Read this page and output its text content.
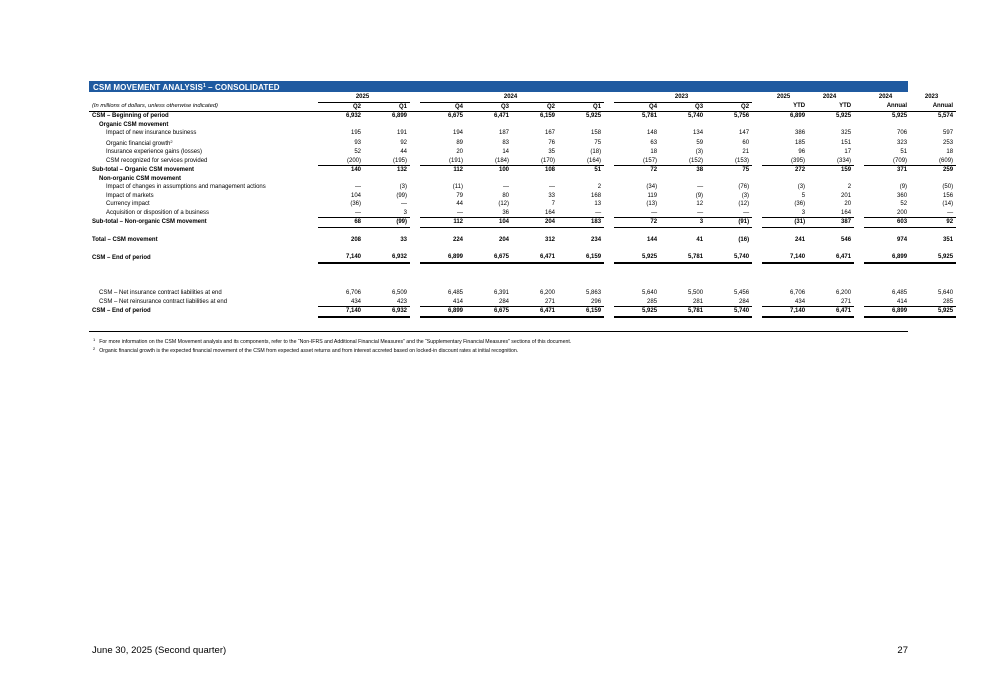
CSM MOVEMENT ANALYSIS$^1$ – CONSOLIDATED
	2025			2024					2023				2025	2024		2024	2023
(In millions of dollars, unless otherwise indicated)	Q2	Q1		Q4	Q3	Q2	Q1		Q4	Q3	Q2		YTD	YTD		Annual	Annual
CSM – Beginning of period	6,932	6,899		6,675	6,471	6,159	5,925		5,781	5,740	5,756		6,899	5,925		5,925	5,574
Organic CSM movement																	
Impact of new insurance business	195	191		194	187	167	158		148	134	147		386	325		706	597
Organic financial growth$^2$	93	92		89	83	76	75		63	59	60		185	151		323	253
Insurance experience gains (losses)	52	44		20	14	35	(18)		18	(3)	21		96	17		51	18
CSM recognized for services provided	(200)	(195)		(191)	(184)	(170)	(164)		(157)	(152)	(153)		(395)	(334)		(709)	(609)
Sub-total – Organic CSM movement	140	132		112	100	108	51		72	38	75		272	159		371	259
Non-organic CSM movement																	
Impact of changes in assumptions and management actions	—	(3)		(11)	—	—	2		(34)	—	(76)		(3)	2		(9)	(50)
Impact of markets	104	(99)		79	80	33	168		119	(9)	(3)		5	201		360	156
Currency impact	(36)	—		44	(12)	7	13		(13)	12	(12)		(36)	20		52	(14)
Acquisition or disposition of a business	—	3		—	36	164	—		—	—	—		3	164		200	—
Sub-total – Non-organic CSM movement	68	(99)		112	104	204	183		72	3	(91)		(31)	387		603	92

Total – CSM movement	208	33		224	204	312	234		144	41	(16)		241	546		974	351

CSM – End of period	7,140	6,932		6,899	6,675	6,471	6,159		5,925	5,781	5,740		7,140	6,471		6,899	5,925

CSM – Net insurance contract liabilities at end	6,706	6,509		6,485	6,391	6,200	5,863		5,640	5,500	5,456		6,706	6,200		6,485	5,640
CSM – Net reinsurance contract liabilities at end	434	423		414	284	271	296		285	281	284		434	271		414	285
CSM – End of period	7,140	6,932		6,899	6,675	6,471	6,159		5,925	5,781	5,740		7,140	6,471		6,899	5,925
$^1$ For more information on the CSM Movement analysis and its components, refer to the “Non-IFRS and Additional Financial Measures” and the “Supplementary Financial Measures” sections of this document.
$^2$ Organic financial growth is the expected financial movement of the CSM from expected asset returns and from interest accreted based on locked-in discount rates at initial recognition.
June 30, 2025 (Second quarter)	27
